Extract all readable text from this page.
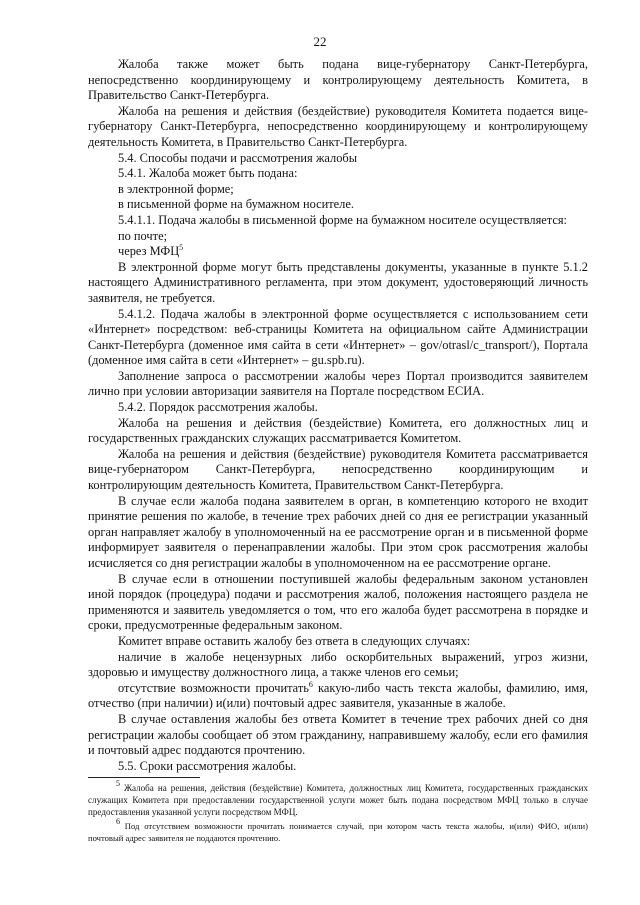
22

Жалоба также может быть подана вице-губернатору Санкт-Петербурга, непосредственно координирующему и контролирующему деятельность Комитета, в Правительство Санкт-Петербурга.

Жалоба на решения и действия (бездействие) руководителя Комитета подается вице-губернатору Санкт-Петербурга, непосредственно координирующему и контролирующему деятельность Комитета, в Правительство Санкт-Петербурга.

5.4. Способы подачи и рассмотрения жалобы

5.4.1. Жалоба может быть подана:

в электронной форме;

в письменной форме на бумажном носителе.

5.4.1.1. Подача жалобы в письменной форме на бумажном носителе осуществляется:

по почте;

через МФЦ$^5$

В электронной форме могут быть представлены документы, указанные в пункте 5.1.2 настоящего Административного регламента, при этом документ, удостоверяющий личность заявителя, не требуется.

5.4.1.2. Подача жалобы в электронной форме осуществляется с использованием сети «Интернет» посредством: веб-страницы Комитета на официальном сайте Администрации Санкт-Петербурга (доменное имя сайта в сети «Интернет» – gov/otrasl/c_transport/), Портала (доменное имя сайта в сети «Интернет» – gu.spb.ru).

Заполнение запроса о рассмотрении жалобы через Портал производится заявителем лично при условии авторизации заявителя на Портале посредством ЕСИА.

5.4.2. Порядок рассмотрения жалобы.

Жалоба на решения и действия (бездействие) Комитета, его должностных лиц и государственных гражданских служащих рассматривается Комитетом.

Жалоба на решения и действия (бездействие) руководителя Комитета рассматривается вице-губернатором Санкт-Петербурга, непосредственно координирующим и контролирующим деятельность Комитета, Правительством Санкт-Петербурга.

В случае если жалоба подана заявителем в орган, в компетенцию которого не входит принятие решения по жалобе, в течение трех рабочих дней со дня ее регистрации указанный орган направляет жалобу в уполномоченный на ее рассмотрение орган и в письменной форме информирует заявителя о перенаправлении жалобы. При этом срок рассмотрения жалобы исчисляется со дня регистрации жалобы в уполномоченном на ее рассмотрение органе.

В случае если в отношении поступившей жалобы федеральным законом установлен иной порядок (процедура) подачи и рассмотрения жалоб, положения настоящего раздела не применяются и заявитель уведомляется о том, что его жалоба будет рассмотрена в порядке и сроки, предусмотренные федеральным законом.

Комитет вправе оставить жалобу без ответа в следующих случаях:

наличие в жалобе нецензурных либо оскорбительных выражений, угроз жизни, здоровью и имуществу должностного лица, а также членов его семьи;

отсутствие возможности прочитать$^6$ какую-либо часть текста жалобы, фамилию, имя, отчество (при наличии) и(или) почтовый адрес заявителя, указанные в жалобе.

В случае оставления жалобы без ответа Комитет в течение трех рабочих дней со дня регистрации жалобы сообщает об этом гражданину, направившему жалобу, если его фамилия и почтовый адрес поддаются прочтению.

5.5. Сроки рассмотрения жалобы.

$^5$ Жалоба на решения, действия (бездействие) Комитета, должностных лиц Комитета, государственных гражданских служащих Комитета при предоставлении государственной услуги может быть подана посредством МФЦ только в случае предоставления указанной услуги посредством МФЦ.

$^6$ Под отсутствием возможности прочитать понимается случай, при котором часть текста жалобы, и(или) ФИО, и(или) почтовый адрес заявителя не поддаются прочтению.
